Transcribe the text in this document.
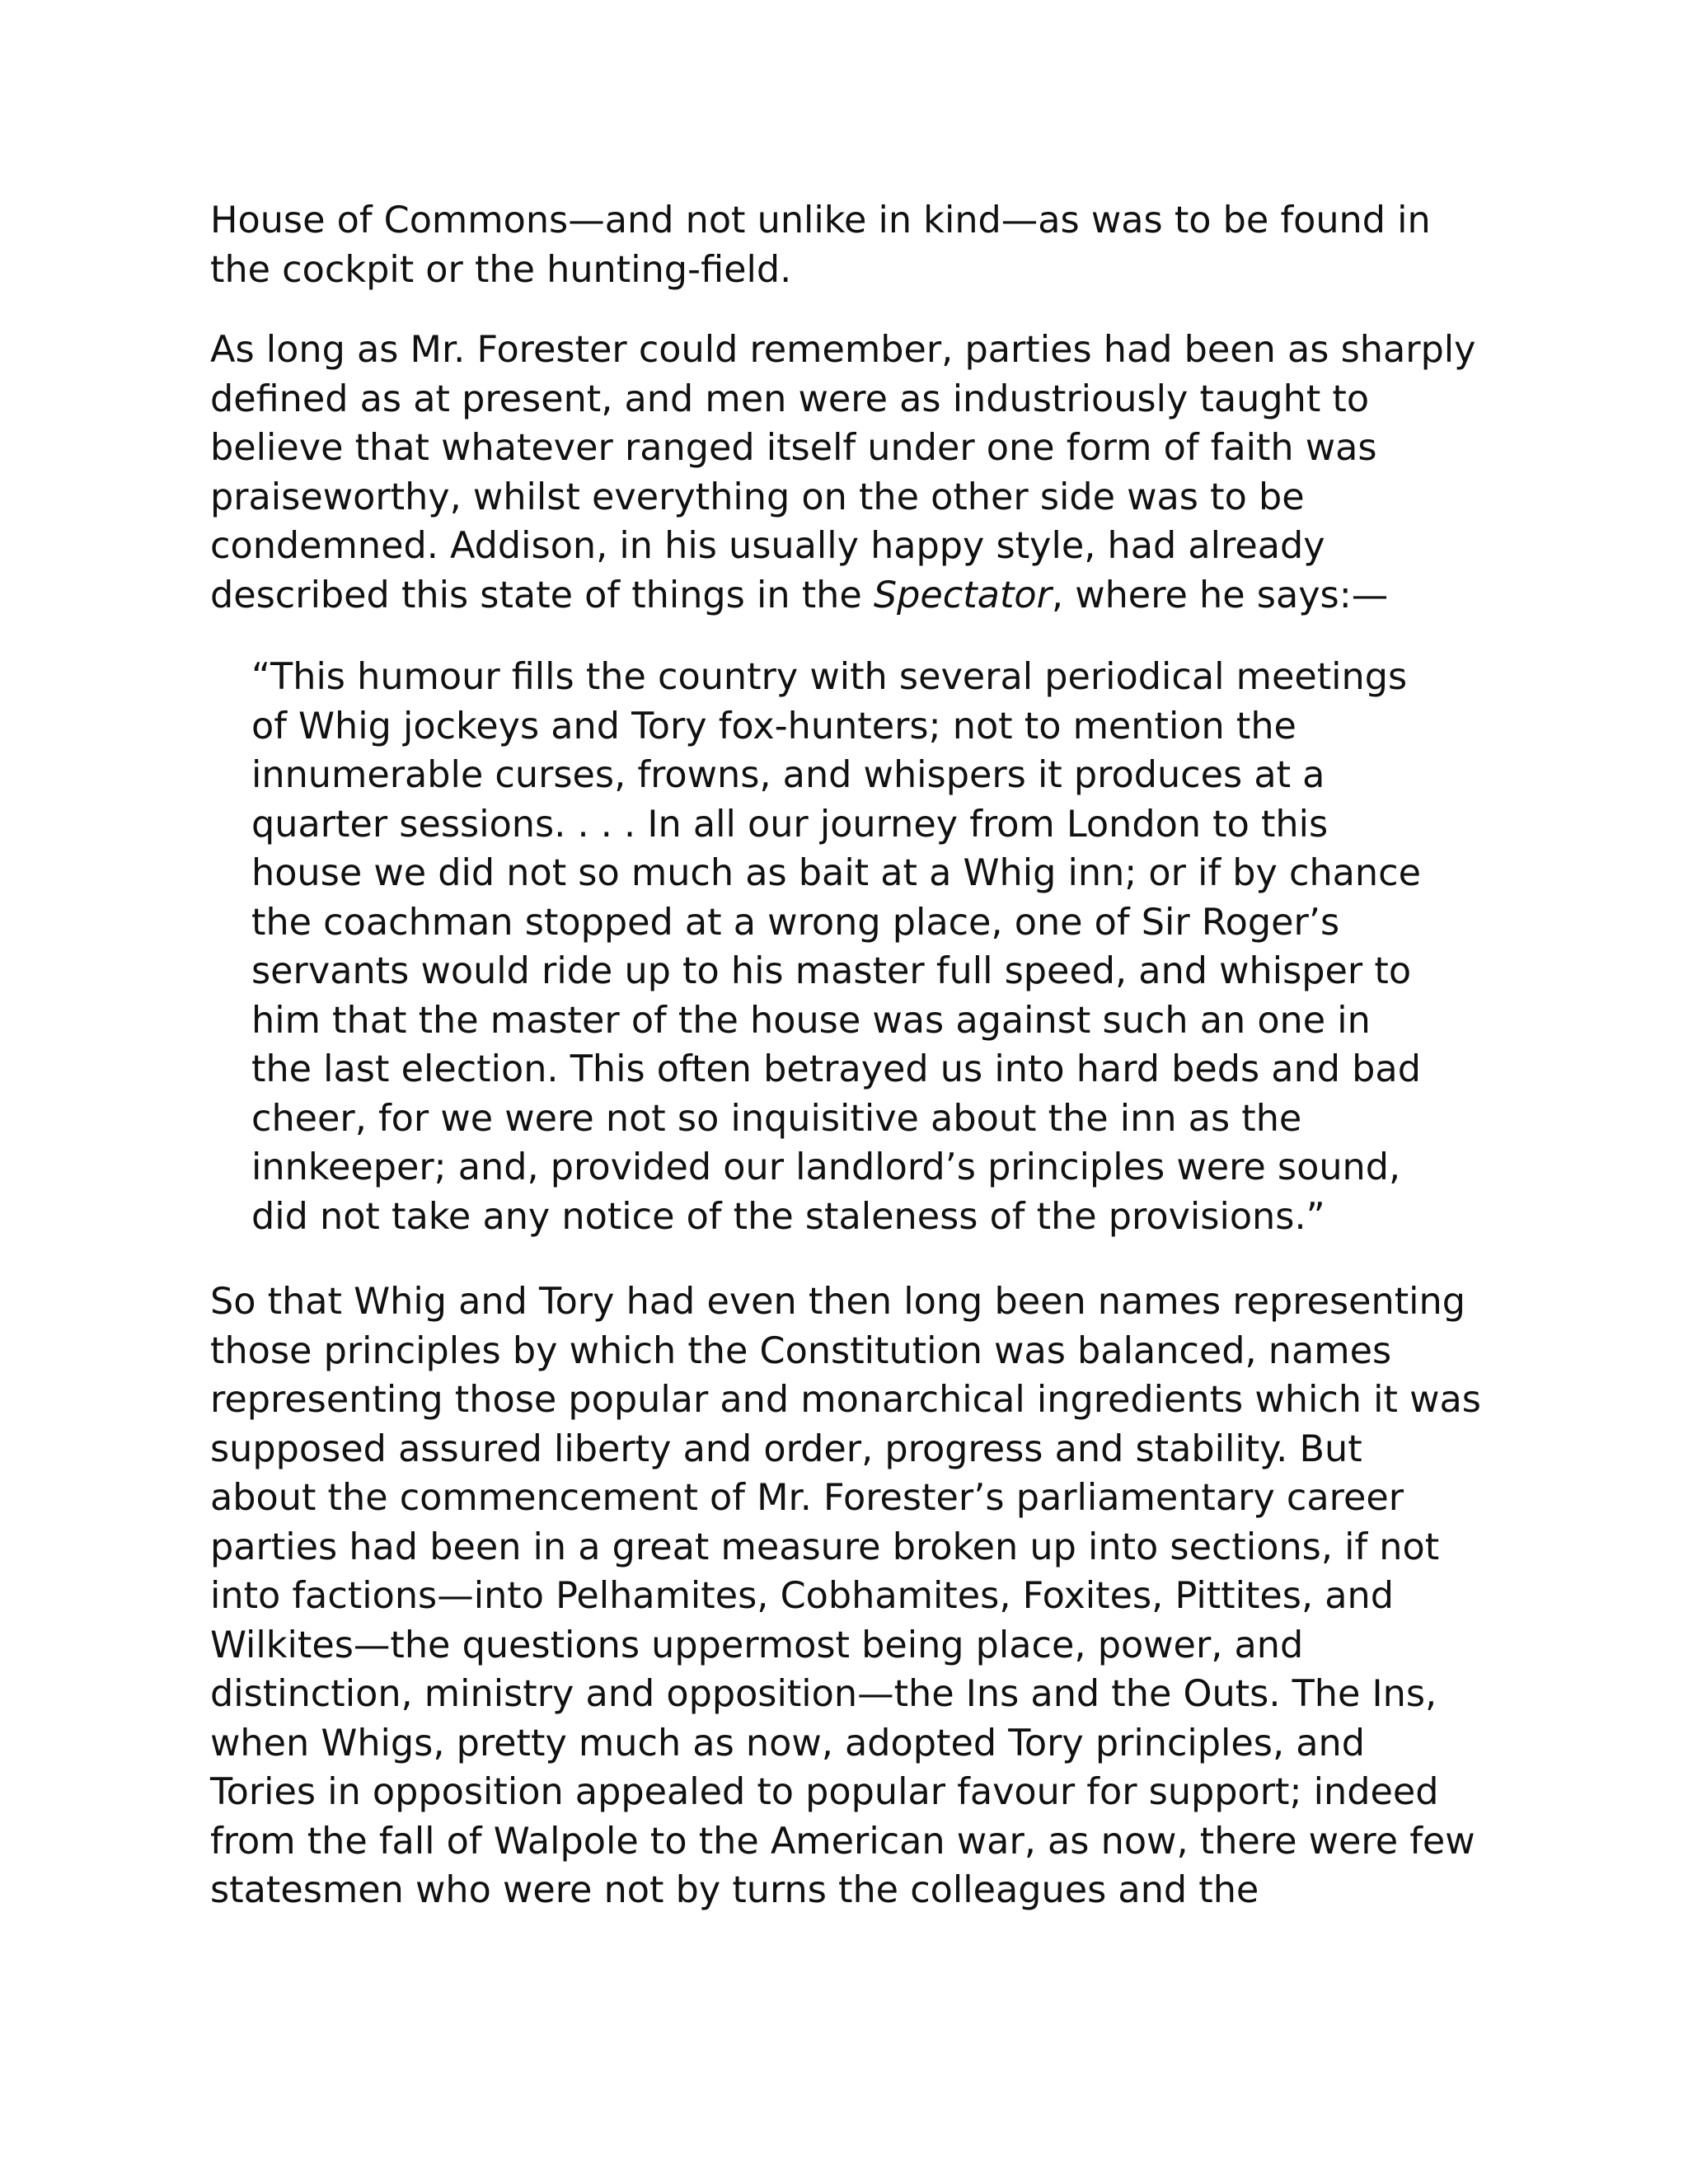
House of Commons—and not unlike in kind—as was to be found in
the cockpit or the hunting-field.
As long as Mr. Forester could remember, parties had been as sharply
defined as at present, and men were as industriously taught to
believe that whatever ranged itself under one form of faith was
praiseworthy, whilst everything on the other side was to be
condemned. Addison, in his usually happy style, had already
described this state of things in the Spectator, where he says:—
“This humour fills the country with several periodical meetings
of Whig jockeys and Tory fox-hunters; not to mention the
innumerable curses, frowns, and whispers it produces at a
quarter sessions. . . . In all our journey from London to this
house we did not so much as bait at a Whig inn; or if by chance
the coachman stopped at a wrong place, one of Sir Roger’s
servants would ride up to his master full speed, and whisper to
him that the master of the house was against such an one in
the last election. This often betrayed us into hard beds and bad
cheer, for we were not so inquisitive about the inn as the
innkeeper; and, provided our landlord’s principles were sound,
did not take any notice of the staleness of the provisions.”
So that Whig and Tory had even then long been names representing
those principles by which the Constitution was balanced, names
representing those popular and monarchical ingredients which it was
supposed assured liberty and order, progress and stability. But
about the commencement of Mr. Forester’s parliamentary career
parties had been in a great measure broken up into sections, if not
into factions—into Pelhamites, Cobhamites, Foxites, Pittites, and
Wilkites—the questions uppermost being place, power, and
distinction, ministry and opposition—the Ins and the Outs. The Ins,
when Whigs, pretty much as now, adopted Tory principles, and
Tories in opposition appealed to popular favour for support; indeed
from the fall of Walpole to the American war, as now, there were few
statesmen who were not by turns the colleagues and the
